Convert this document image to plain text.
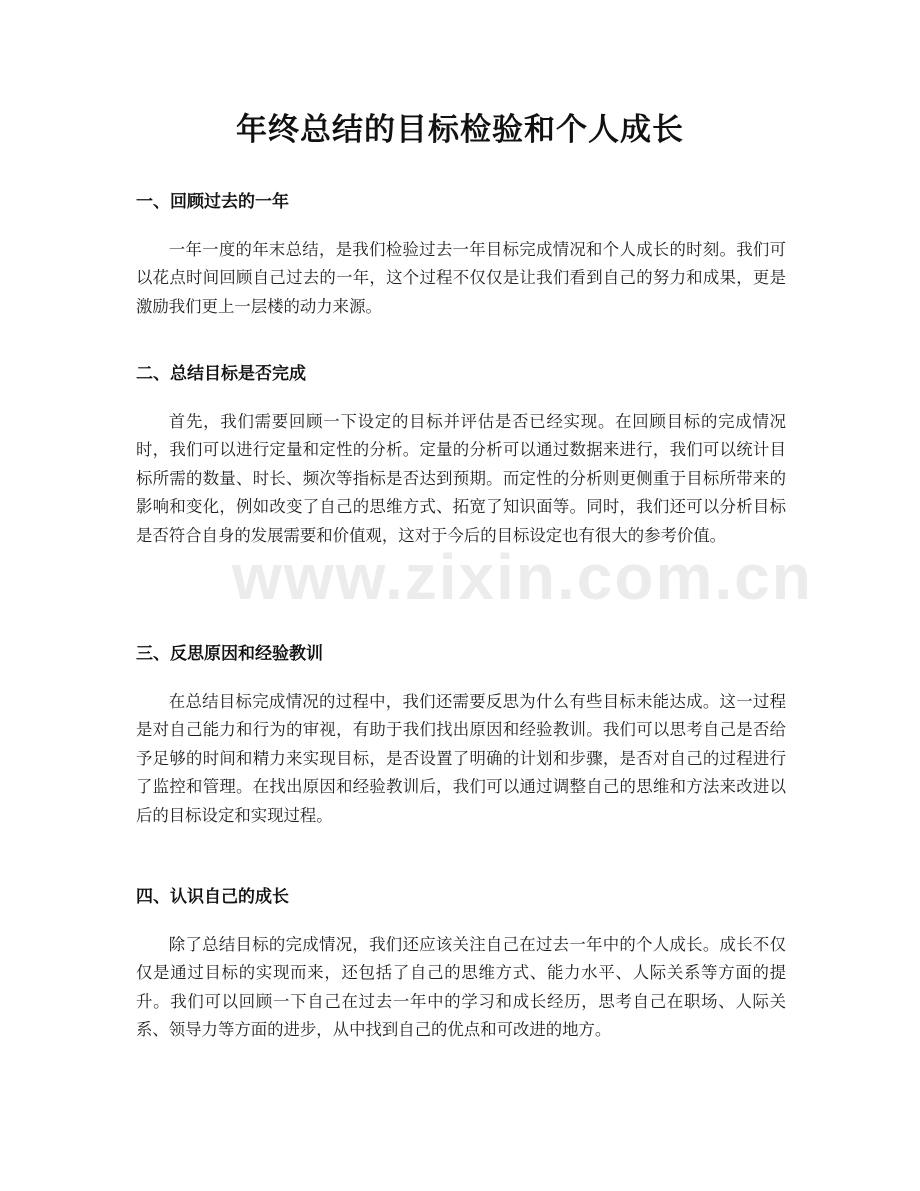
www.zixin.com.cn
年终总结的目标检验和个人成长
一、回顾过去的一年

一年一度的年末总结，是我们检验过去一年目标完成情况和个人成长的时刻。我们可以花点时间回顾自己过去的一年，这个过程不仅仅是让我们看到自己的努力和成果，更是激励我们更上一层楼的动力来源。

二、总结目标是否完成

首先，我们需要回顾一下设定的目标并评估是否已经实现。在回顾目标的完成情况时，我们可以进行定量和定性的分析。定量的分析可以通过数据来进行，我们可以统计目标所需的数量、时长、频次等指标是否达到预期。而定性的分析则更侧重于目标所带来的影响和变化，例如改变了自己的思维方式、拓宽了知识面等。同时，我们还可以分析目标是否符合自身的发展需要和价值观，这对于今后的目标设定也有很大的参考价值。

三、反思原因和经验教训

在总结目标完成情况的过程中，我们还需要反思为什么有些目标未能达成。这一过程是对自己能力和行为的审视，有助于我们找出原因和经验教训。我们可以思考自己是否给予足够的时间和精力来实现目标，是否设置了明确的计划和步骤，是否对自己的过程进行了监控和管理。在找出原因和经验教训后，我们可以通过调整自己的思维和方法来改进以后的目标设定和实现过程。

四、认识自己的成长

除了总结目标的完成情况，我们还应该关注自己在过去一年中的个人成长。成长不仅仅是通过目标的实现而来，还包括了自己的思维方式、能力水平、人际关系等方面的提升。我们可以回顾一下自己在过去一年中的学习和成长经历，思考自己在职场、人际关系、领导力等方面的进步，从中找到自己的优点和可改进的地方。
